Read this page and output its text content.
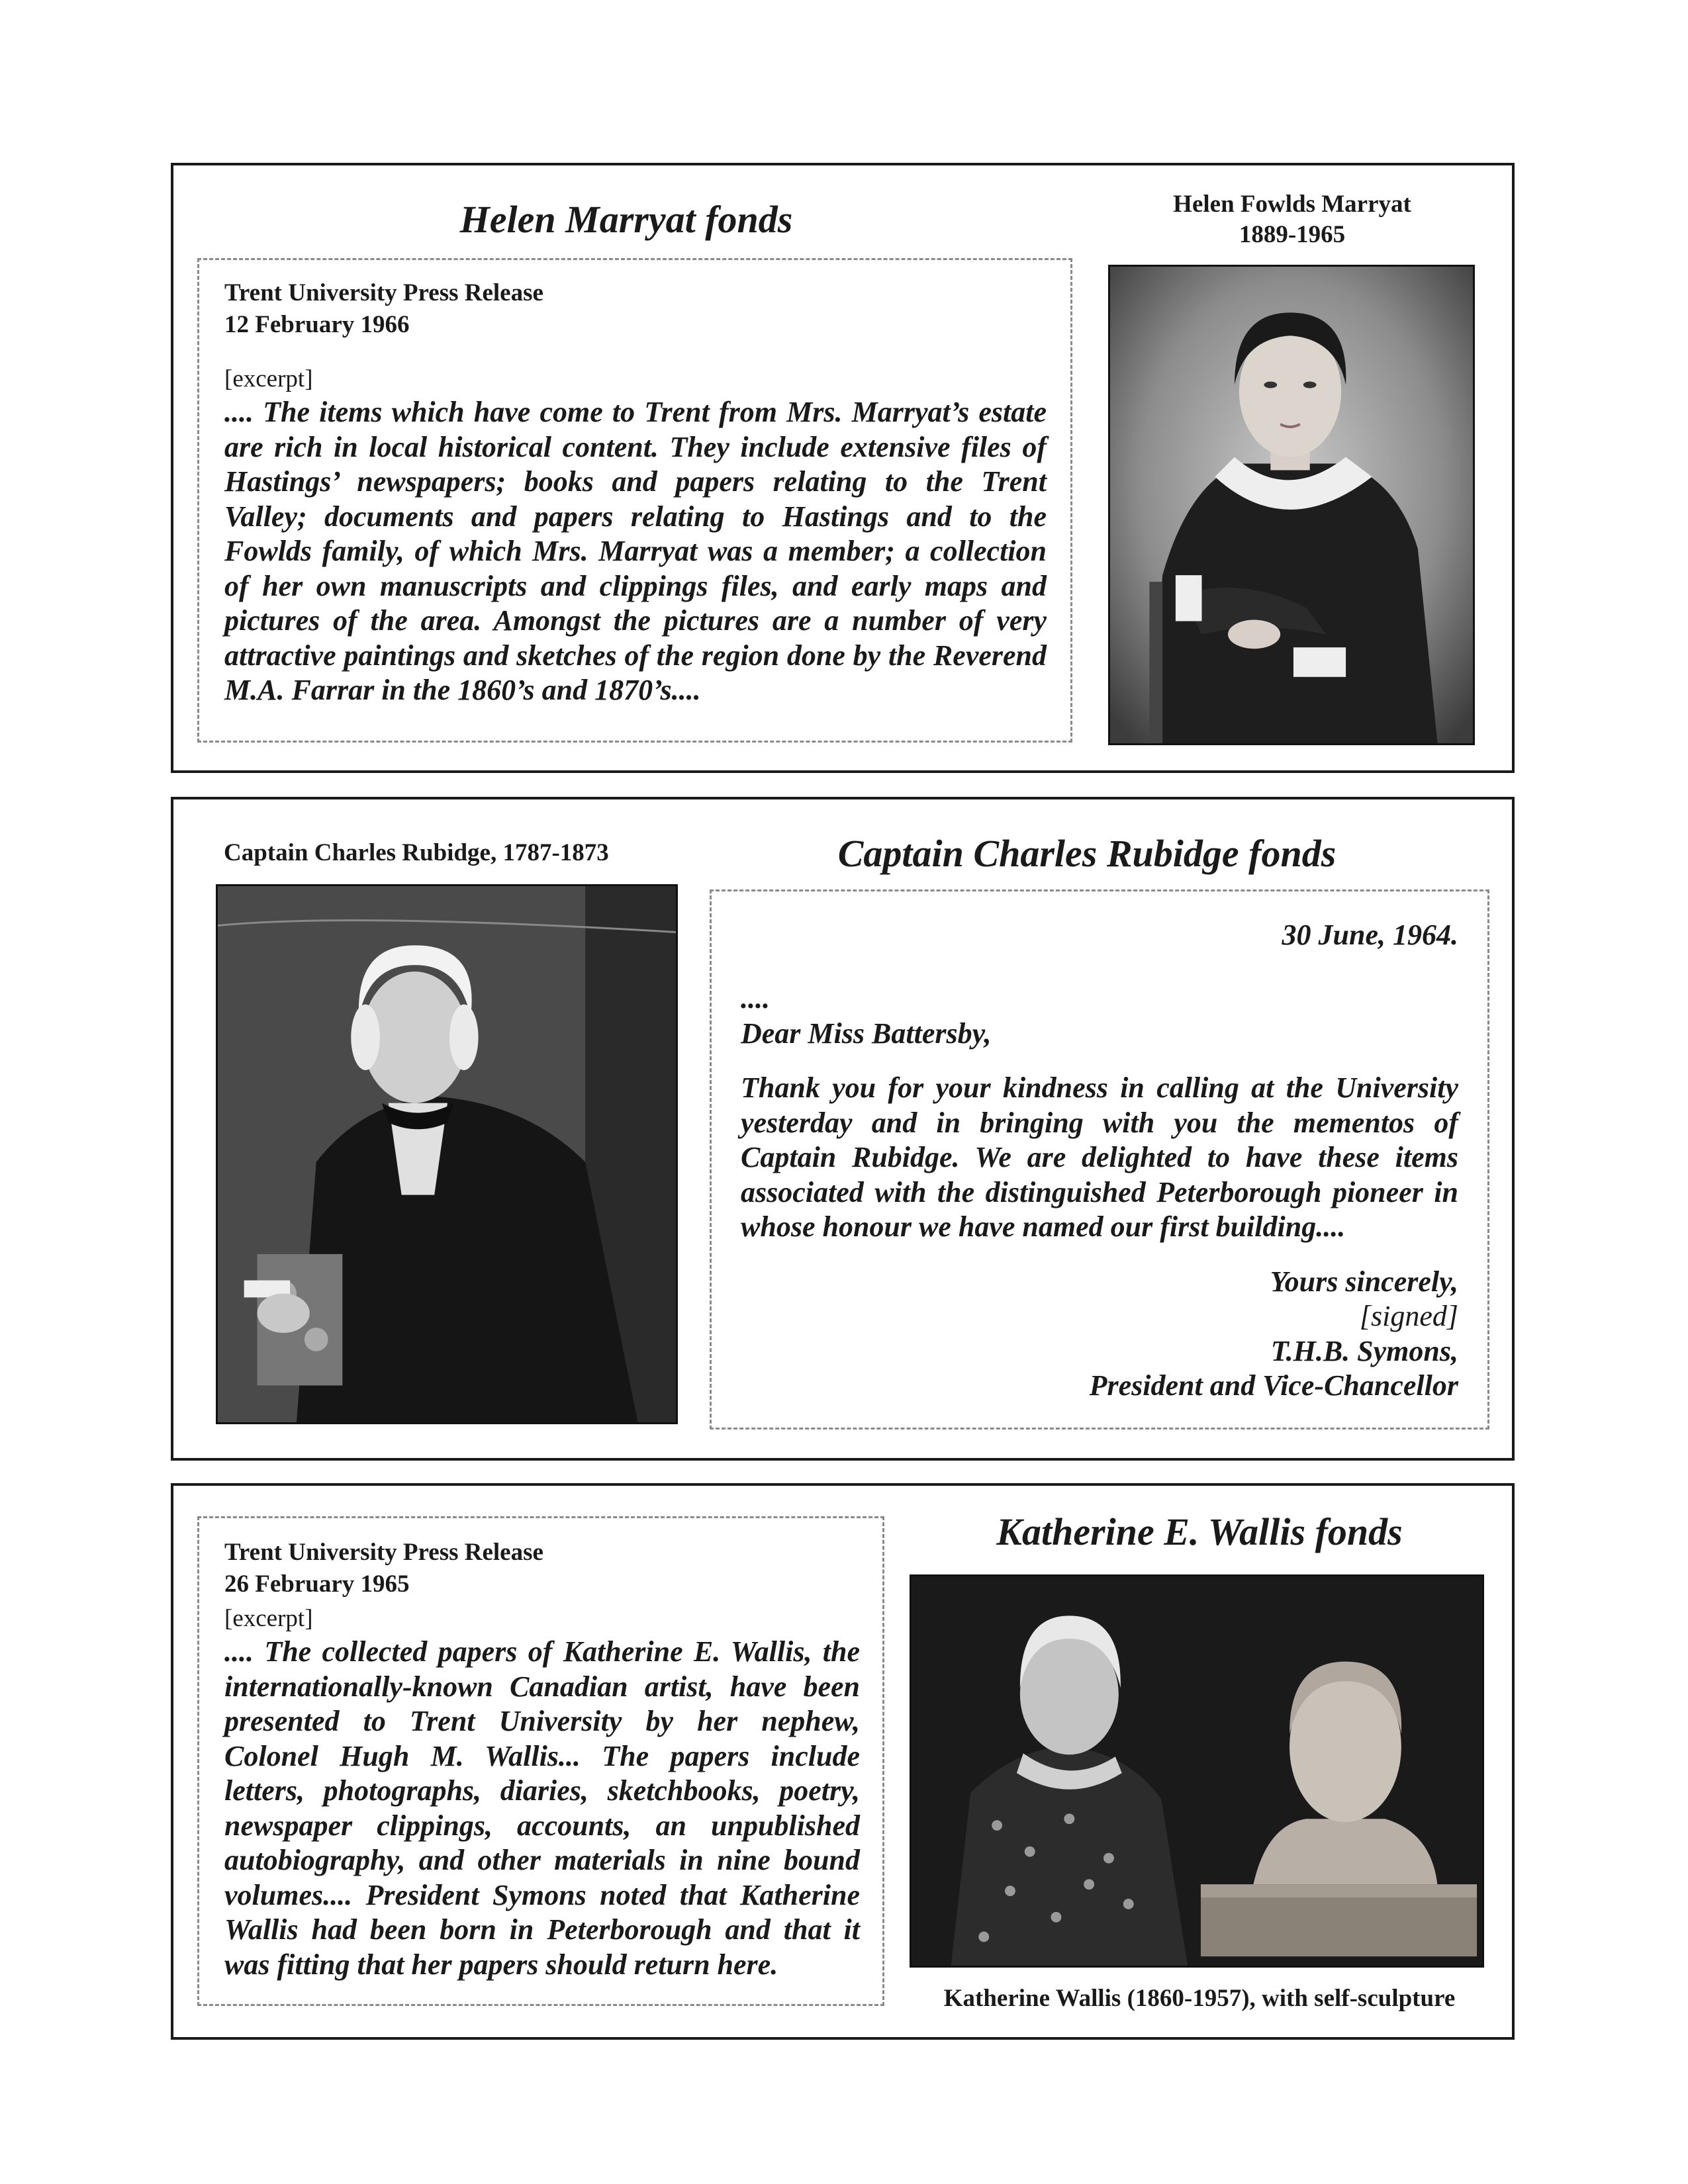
Helen Marryat fonds
Trent University Press Release
12 February 1966
[excerpt]
.... The items which have come to Trent from Mrs. Marryat’s estate are rich in local historical content. They include extensive files of Hastings’ newspapers; books and papers relating to the Trent Valley; documents and papers relating to Hastings and to the Fowlds family, of which Mrs. Marryat was a member; a collection of her own manuscripts and clippings files, and early maps and pictures of the area. Amongst the pictures are a number of very attractive paintings and sketches of the region done by the Reverend M.A. Farrar in the 1860’s and 1870’s....
Helen Fowlds Marryat
1889-1965
Captain Charles Rubidge, 1787-1873	Captain Charles Rubidge fonds
30 June, 1964.
....
Dear Miss Battersby,
Thank you for your kindness in calling at the University yesterday and in bringing with you the mementos of Captain Rubidge. We are delighted to have these items associated with the distinguished Peterborough pioneer in whose honour we have named our first building....
Yours sincerely,
[signed]
T.H.B. Symons,
President and Vice-Chancellor
Trent University Press Release
26 February 1965
[excerpt]
.... The collected papers of Katherine E. Wallis, the internationally-known Canadian artist, have been presented to Trent University by her nephew, Colonel Hugh M. Wallis... The papers include letters, photographs, diaries, sketchbooks, poetry, newspaper clippings, accounts, an unpublished autobiography, and other materials in nine bound volumes.... President Symons noted that Katherine Wallis had been born in Peterborough and that it was fitting that her papers should return here.
Katherine E. Wallis fonds
Katherine Wallis (1860-1957), with self-sculpture
